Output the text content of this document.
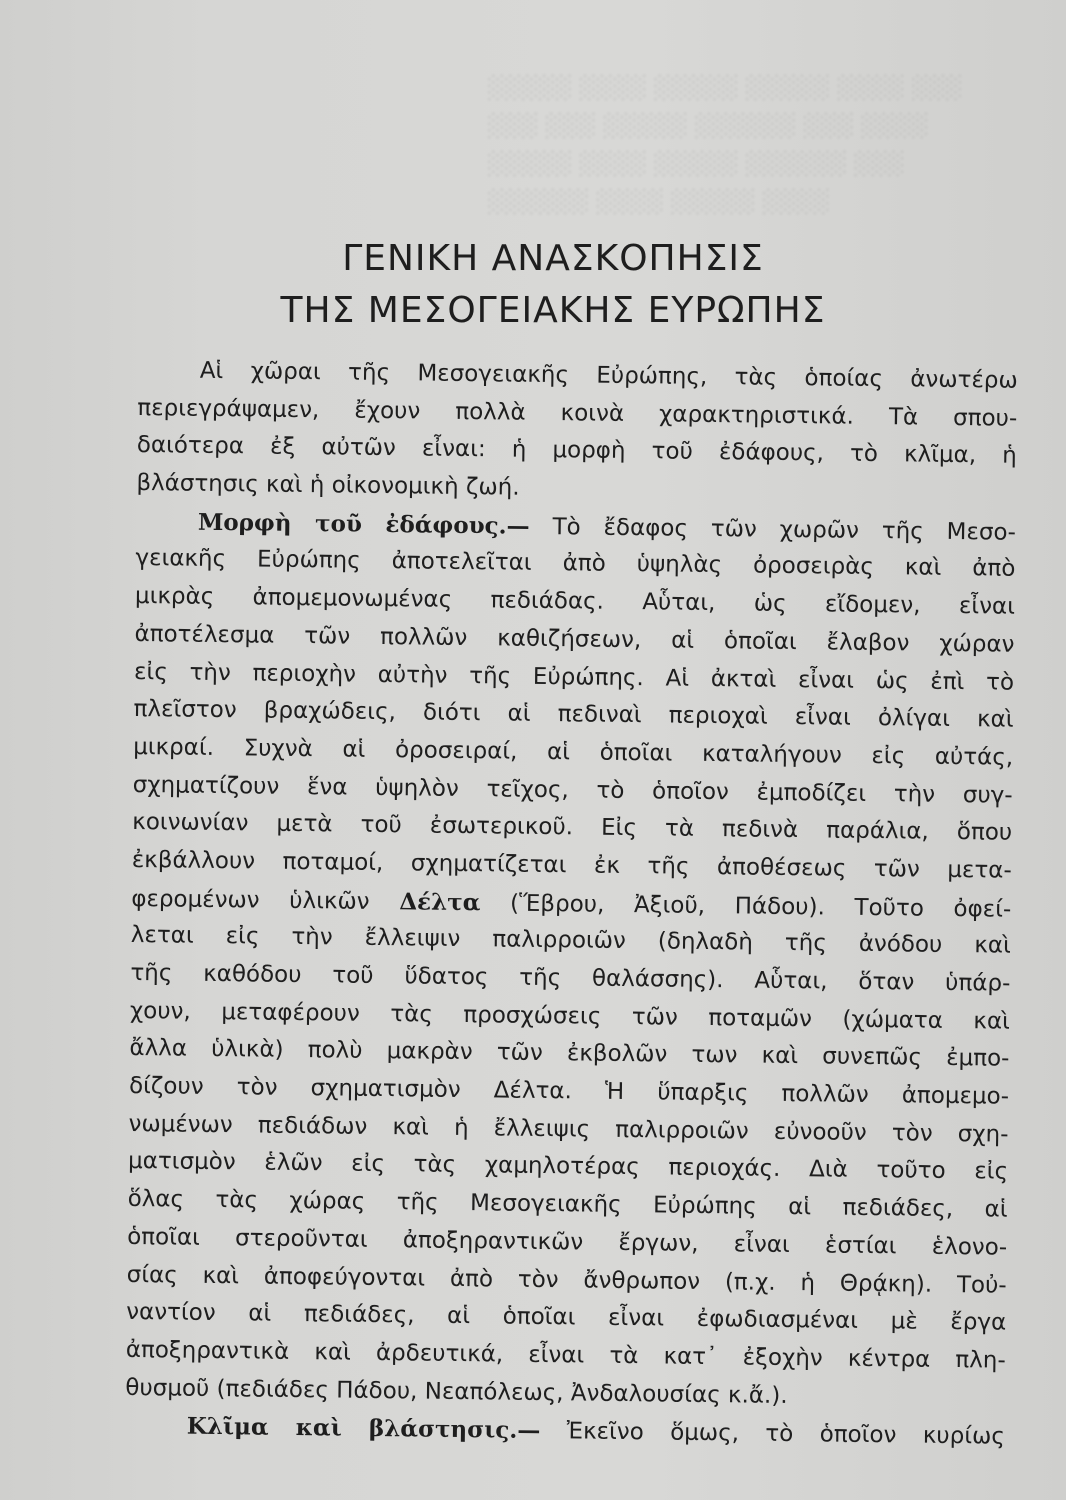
░░░ ░░░░ ░░░░░ ░░░░░ ░░░░ ░░░░░
░░░░ ░░░ ░░░░░░ ░░░░░ ░░░ ░░░
░░░ ░░░░░░ ░░░░░ ░░░░ ░░░░░
░░░░ ░░░░░ ░░░░ ░░░░░░
ΓΕΝΙΚΗ ΑΝΑΣΚΟΠΗΣΙΣ
ΤΗΣ ΜΕΣΟΓΕΙΑΚΗΣ ΕΥΡΩΠΗΣ
Αἱ χῶραι τῆς Μεσογειακῆς Εὐρώπης, τὰς ὁποίας ἀνωτέρω
περιεγράψαμεν, ἔχουν πολλὰ κοινὰ χαρακτηριστικά. Τὰ σπου-
δαιότερα ἐξ αὐτῶν εἶναι: ἡ μορφὴ τοῦ ἐδάφους, τὸ κλῖμα, ἡ
βλάστησις καὶ ἡ οἰκονομικὴ ζωή.
Μορφὴ τοῦ ἐδάφους.— Τὸ ἔδαφος τῶν χωρῶν τῆς Μεσο-
γειακῆς Εὐρώπης ἀποτελεῖται ἀπὸ ὑψηλὰς ὀροσειρὰς καὶ ἀπὸ
μικρὰς ἀπομεμονωμένας πεδιάδας. Αὗται, ὡς εἴδομεν, εἶναι
ἀποτέλεσμα τῶν πολλῶν καθιζήσεων, αἱ ὁποῖαι ἔλαβον χώραν
εἰς τὴν περιοχὴν αὐτὴν τῆς Εὐρώπης. Αἱ ἀκταὶ εἶναι ὡς ἐπὶ τὸ
πλεῖστον βραχώδεις, διότι αἱ πεδιναὶ περιοχαὶ εἶναι ὀλίγαι καὶ
μικραί. Συχνὰ αἱ ὀροσειραί, αἱ ὁποῖαι καταλήγουν εἰς αὐτάς,
σχηματίζουν ἕνα ὑψηλὸν τεῖχος, τὸ ὁποῖον ἐμποδίζει τὴν συγ-
κοινωνίαν μετὰ τοῦ ἐσωτερικοῦ. Εἰς τὰ πεδινὰ παράλια, ὅπου
ἐκβάλλουν ποταμοί, σχηματίζεται ἐκ τῆς ἀποθέσεως τῶν μετα-
φερομένων ὑλικῶν Δέλτα (Ἕβρου, Ἀξιοῦ, Πάδου). Τοῦτο ὀφεί-
λεται εἰς τὴν ἔλλειψιν παλιρροιῶν (δηλαδὴ τῆς ἀνόδου καὶ
τῆς καθόδου τοῦ ὕδατος τῆς θαλάσσης). Αὗται, ὅταν ὑπάρ-
χουν, μεταφέρουν τὰς προσχώσεις τῶν ποταμῶν (χώματα καὶ
ἄλλα ὑλικὰ) πολὺ μακρὰν τῶν ἐκβολῶν των καὶ συνεπῶς ἐμπο-
δίζουν τὸν σχηματισμὸν Δέλτα. Ἡ ὕπαρξις πολλῶν ἀπομεμο-
νωμένων πεδιάδων καὶ ἡ ἔλλειψις παλιρροιῶν εὐνοοῦν τὸν σχη-
ματισμὸν ἑλῶν εἰς τὰς χαμηλοτέρας περιοχάς. Διὰ τοῦτο εἰς
ὅλας τὰς χώρας τῆς Μεσογειακῆς Εὐρώπης αἱ πεδιάδες, αἱ
ὁποῖαι στεροῦνται ἀποξηραντικῶν ἔργων, εἶναι ἑστίαι ἑλονο-
σίας καὶ ἀποφεύγονται ἀπὸ τὸν ἄνθρωπον (π.χ. ἡ Θρᾴκη). Τοὐ-
ναντίον αἱ πεδιάδες, αἱ ὁποῖαι εἶναι ἐφωδιασμέναι μὲ ἔργα
ἀποξηραντικὰ καὶ ἀρδευτικά, εἶναι τὰ κατ᾽ ἐξοχὴν κέντρα πλη-
θυσμοῦ (πεδιάδες Πάδου, Νεαπόλεως, Ἀνδαλουσίας κ.ἄ.).
Κλῖμα καὶ βλάστησις.— Ἐκεῖνο ὅμως, τὸ ὁποῖον κυρίως
